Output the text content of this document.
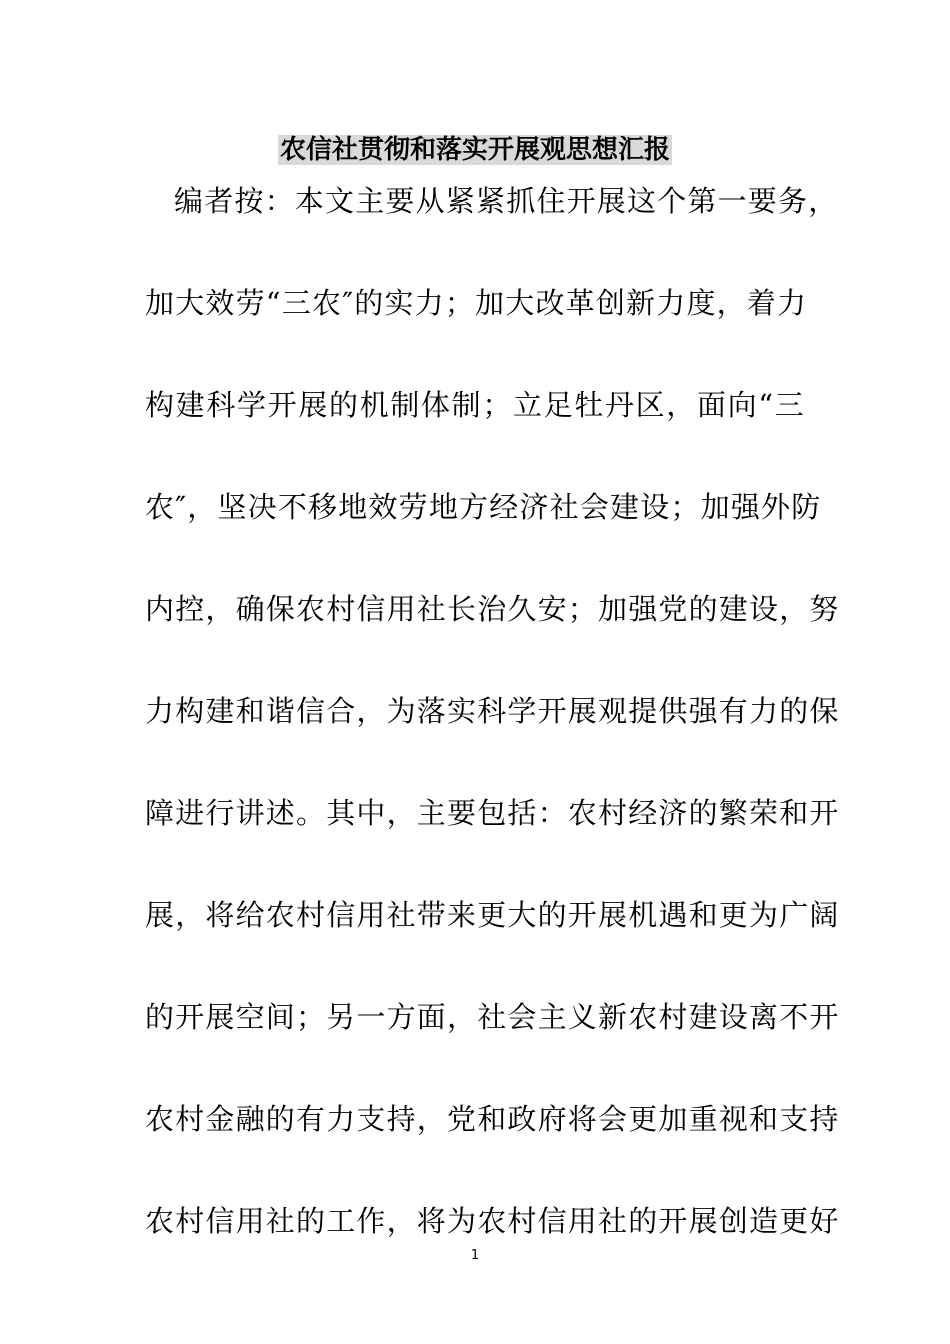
农信社贯彻和落实开展观思想汇报
编者按：本文主要从紧紧抓住开展这个第一要务，
加大效劳“三农″的实力；加大改革创新力度，着力
构建科学开展的机制体制；立足牡丹区，面向“三
农″，坚决不移地效劳地方经济社会建设；加强外防
内控，确保农村信用社长治久安；加强党的建设，努
力构建和谐信合，为落实科学开展观提供强有力的保
障进行讲述。其中，主要包括：农村经济的繁荣和开
展，将给农村信用社带来更大的开展机遇和更为广阔
的开展空间；另一方面，社会主义新农村建设离不开
农村金融的有力支持，党和政府将会更加重视和支持
农村信用社的工作，将为农村信用社的开展创造更好
1
